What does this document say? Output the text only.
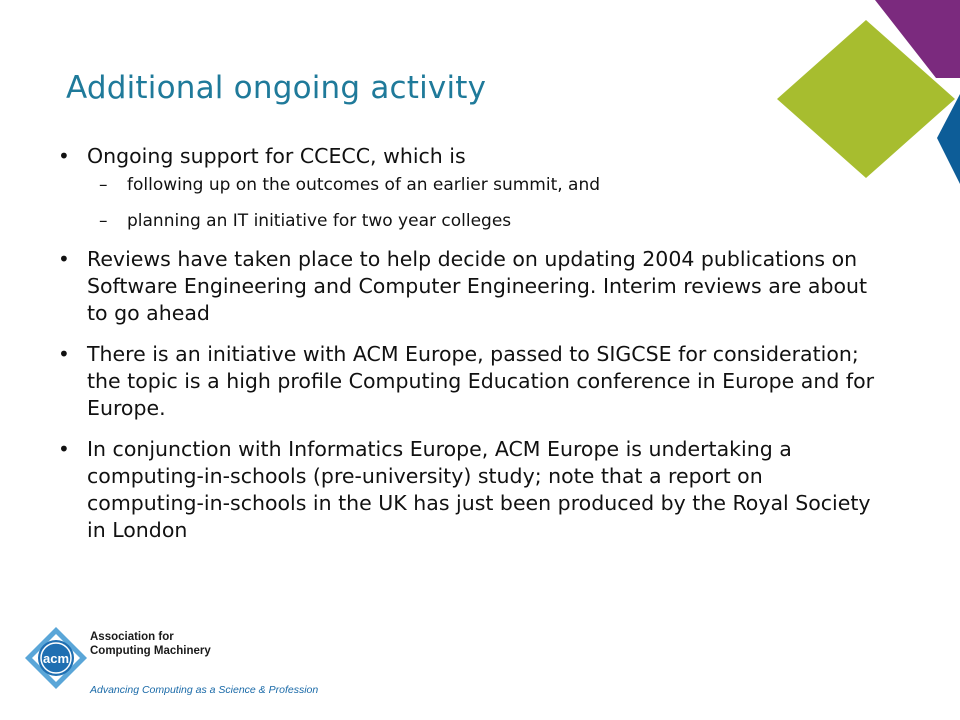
Additional ongoing activity
• Ongoing support for CCECC, which is
– following up on the outcomes of an earlier summit, and
– planning an IT initiative for two year colleges
• Reviews have taken place to help decide on updating 2004 publications on Software Engineering and Computer Engineering. Interim reviews are about to go ahead
• There is an initiative with ACM Europe, passed to SIGCSE for consideration; the topic is a high profile Computing Education conference in Europe and for Europe.
• In conjunction with Informatics Europe, ACM Europe is undertaking a computing-in-schools (pre-university) study; note that a report on computing-in-schools in the UK has just been produced by the Royal Society in London
acm
Association for
Computing Machinery
Advancing Computing as a Science & Profession
